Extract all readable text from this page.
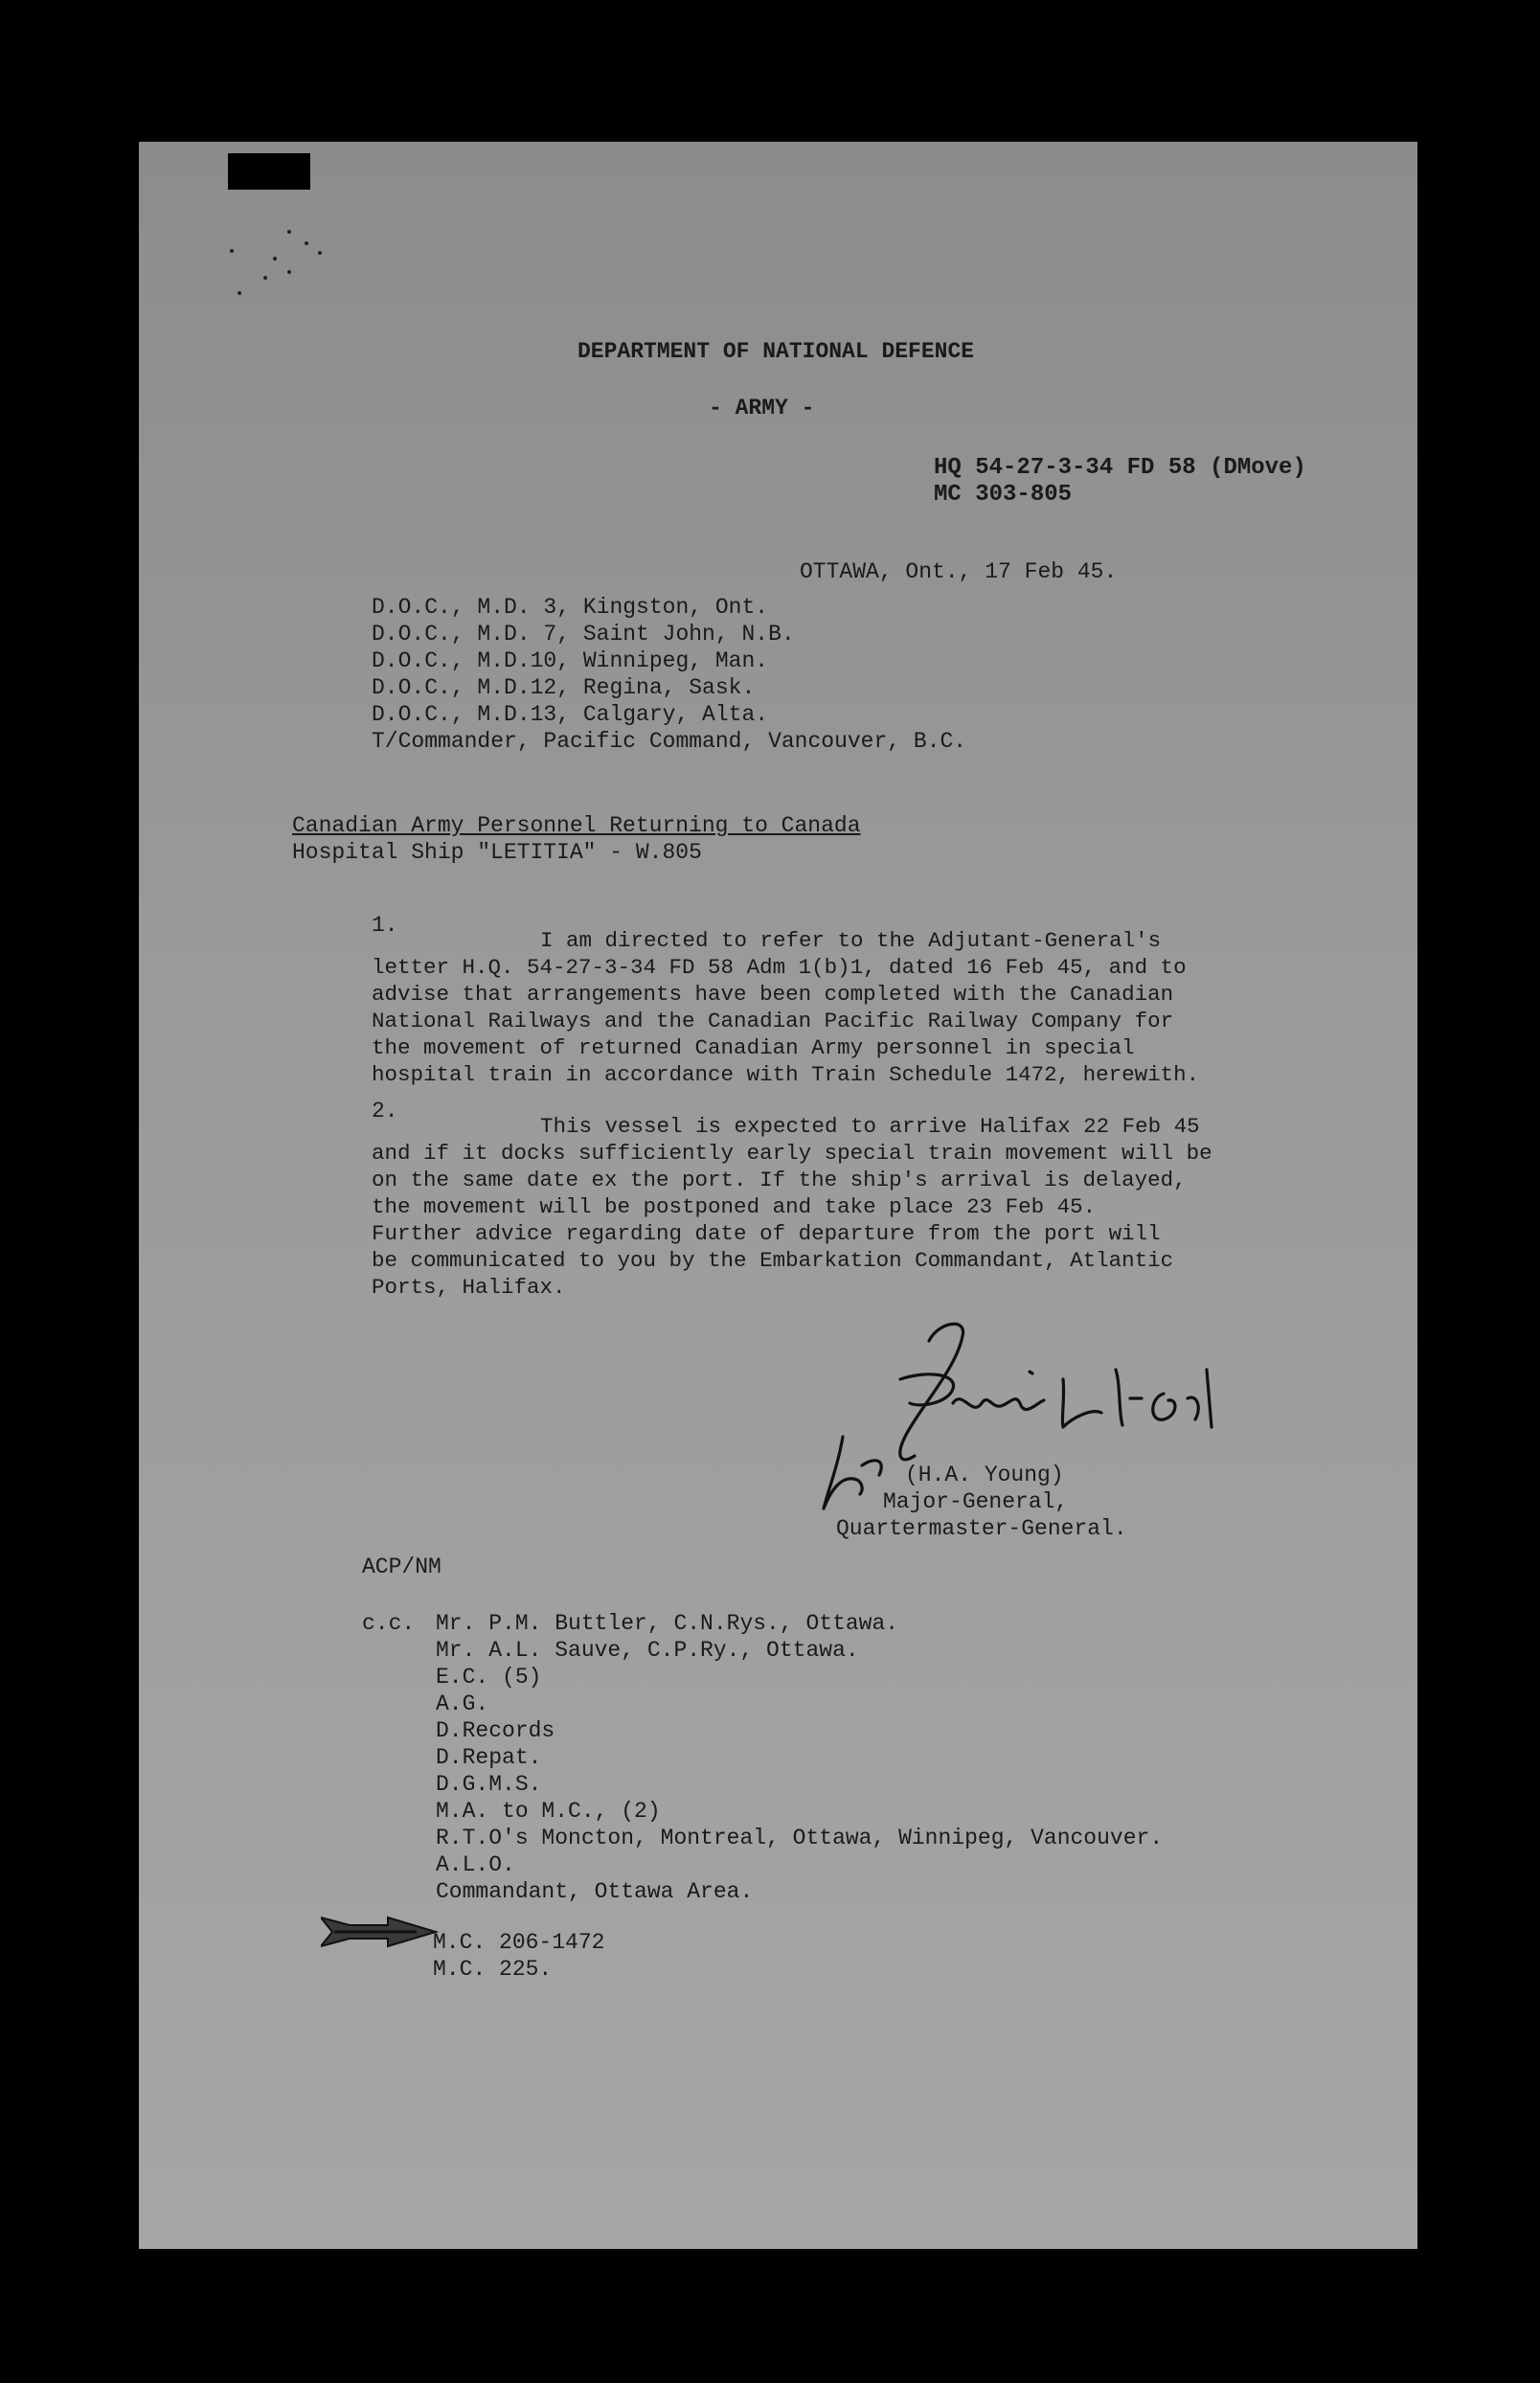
DEPARTMENT OF NATIONAL DEFENCE
- ARMY -
HQ 54-27-3-34 FD 58 (DMove)
MC 303-805
OTTAWA, Ont., 17 Feb 45.
D.O.C., M.D. 3, Kingston, Ont.
D.O.C., M.D. 7, Saint John, N.B.
D.O.C., M.D.10, Winnipeg, Man.
D.O.C., M.D.12, Regina, Sask.
D.O.C., M.D.13, Calgary, Alta.
T/Commander, Pacific Command, Vancouver, B.C.
Canadian Army Personnel Returning to Canada
Hospital Ship "LETITIA" - W.805
1.
I am directed to refer to the Adjutant-General's
letter H.Q. 54-27-3-34 FD 58 Adm 1(b)1, dated 16 Feb 45, and to
advise that arrangements have been completed with the Canadian
National Railways and the Canadian Pacific Railway Company for
the movement of returned Canadian Army personnel in special
hospital train in accordance with Train Schedule 1472, herewith.
2.
This vessel is expected to arrive Halifax 22 Feb 45
and if it docks sufficiently early special train movement will be
on the same date ex the port. If the ship's arrival is delayed,
the movement will be postponed and take place 23 Feb 45.
Further advice regarding date of departure from the port will
be communicated to you by the Embarkation Commandant, Atlantic
Ports, Halifax.
(H.A. Young)
Major-General,
Quartermaster-General.
ACP/NM
c.c. Mr. P.M. Buttler, C.N.Rys., Ottawa.
Mr. A.L. Sauve, C.P.Ry., Ottawa.
E.C. (5)
A.G.
D.Records
D.Repat.
D.G.M.S.
M.A. to M.C., (2)
R.T.O's Moncton, Montreal, Ottawa, Winnipeg, Vancouver.
A.L.O.
Commandant, Ottawa Area.
M.C. 206-1472
M.C. 225.
